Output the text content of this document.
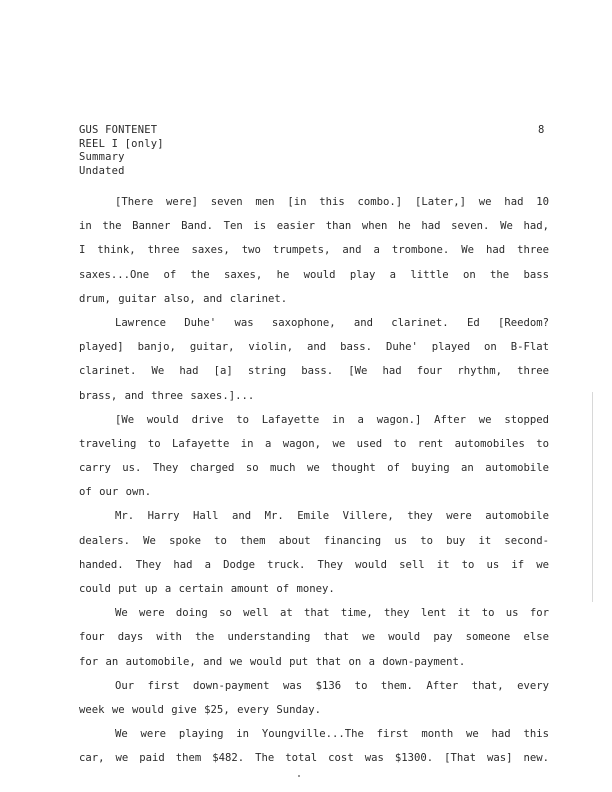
GUS FONTENET
REEL I [only]
Summary
Undated
8
[There were] seven men [in this combo.] [Later,] we had 10
in the Banner Band. Ten is easier than when he had seven. We had,
I think, three saxes, two trumpets, and a trombone. We had three
saxes...One of the saxes, he would play a little on the bass
drum, guitar also, and clarinet.
Lawrence Duhe' was saxophone, and clarinet. Ed [Reedom?
played] banjo, guitar, violin, and bass. Duhe' played on B-Flat
clarinet. We had [a] string bass. [We had four rhythm, three
brass, and three saxes.]...
[We would drive to Lafayette in a wagon.] After we stopped
traveling to Lafayette in a wagon, we used to rent automobiles to
carry us. They charged so much we thought of buying an automobile
of our own.
Mr. Harry Hall and Mr. Emile Villere, they were automobile
dealers. We spoke to them about financing us to buy it second-
handed. They had a Dodge truck. They would sell it to us if we
could put up a certain amount of money.
We were doing so well at that time, they lent it to us for
four days with the understanding that we would pay someone else
for an automobile, and we would put that on a down-payment.
Our first down-payment was $136 to them. After that, every
week we would give $25, every Sunday.
We were playing in Youngville...The first month we had this
car, we paid them $482. The total cost was $1300. [That was] new.
